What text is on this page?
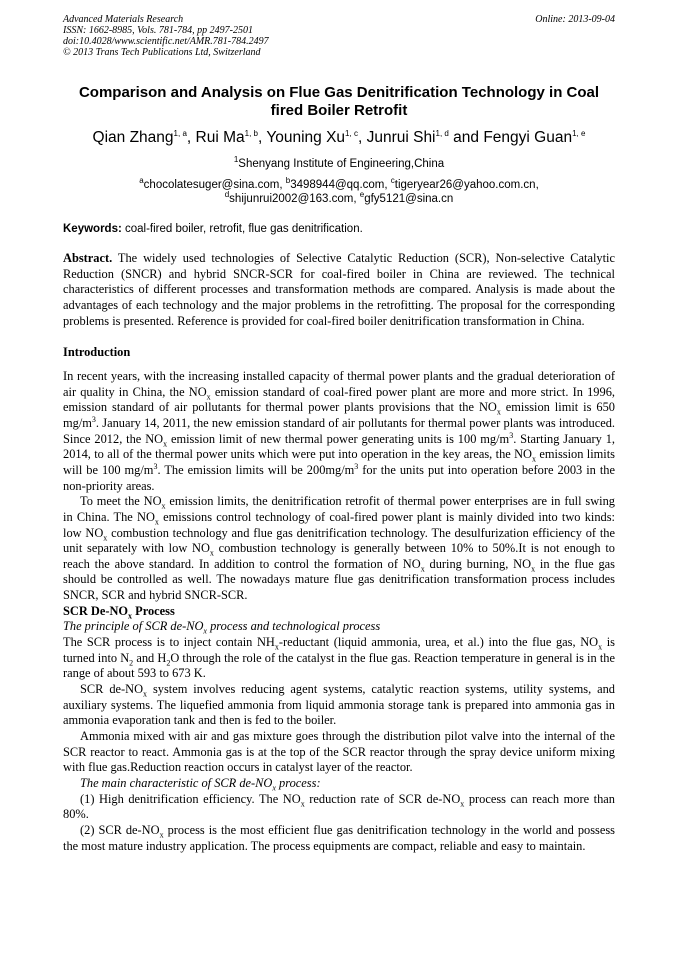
Advanced Materials Research
ISSN: 1662-8985, Vols. 781-784, pp 2497-2501
doi:10.4028/www.scientific.net/AMR.781-784.2497
© 2013 Trans Tech Publications Ltd, Switzerland
Online: 2013-09-04
Comparison and Analysis on Flue Gas Denitrification Technology in Coal fired Boiler Retrofit
Qian Zhang$^{1, a}$, Rui Ma$^{1, b}$, Youning Xu$^{1, c}$, Junrui Shi$^{1, d}$ and Fengyi Guan$^{1, e}$
$^1$Shenyang Institute of Engineering,China
$^a$chocolatesuger@sina.com, $^b$3498944@qq.com, $^c$tigeryear26@yahoo.com.cn,
$^d$shijunrui2002@163.com, $^e$gfy5121@sina.cn
Keywords: coal-fired boiler, retrofit, flue gas denitrification.

Abstract. The widely used technologies of Selective Catalytic Reduction (SCR), Non-selective Catalytic Reduction (SNCR) and hybrid SNCR-SCR for coal-fired boiler in China are reviewed. The technical characteristics of different processes and transformation methods are compared. Analysis is made about the advantages of each technology and the major problems in the retrofitting. The proposal for the corresponding problems is presented. Reference is provided for coal-fired boiler denitrification transformation in China.

Introduction

In recent years, with the increasing installed capacity of thermal power plants and the gradual deterioration of air quality in China, the $NO_x$ emission standard of coal-fired power plant are more and more strict. In 1996, emission standard of air pollutants for thermal power plants provisions that the $NO_x$ emission limit is 650 $mg/m^3$. January 14, 2011, the new emission standard of air pollutants for thermal power plants was introduced. Since 2012, the $NO_x$ emission limit of new thermal power generating units is 100 $mg/m^3$. Starting January 1, 2014, to all of the thermal power units which were put into operation in the key areas, the $NO_x$ emission limits will be 100 $mg/m^3$. The emission limits will be $200mg/m^3$ for the units put into operation before 2003 in the non-priority areas.

To meet the $NO_x$ emission limits, the denitrification retrofit of thermal power enterprises are in full swing in China. The $NO_x$ emissions control technology of coal-fired power plant is mainly divided into two kinds: low $NO_x$ combustion technology and flue gas denitrification technology. The desulfurization efficiency of the unit separately with low $NO_x$ combustion technology is generally between 10% to 50%.It is not enough to reach the above standard. In addition to control the formation of $NO_x$ during burning, $NO_x$ in the flue gas should be controlled as well. The nowadays mature flue gas denitrification transformation process includes SNCR, SCR and hybrid SNCR-SCR.

SCR $De-NO_x$ Process

The principle of SCR $de-NO_x$ process and technological process

The SCR process is to inject contain $NH_x$-reductant (liquid ammonia, urea, et al.) into the flue gas, $NO_x$ is turned into $N_2$ and $H_2O$ through the role of the catalyst in the flue gas. Reaction temperature in general is in the range of about 593 to 673 K.

SCR $de-NO_x$ system involves reducing agent systems, catalytic reaction systems, utility systems, and auxiliary systems. The liquefied ammonia from liquid ammonia storage tank is prepared into ammonia gas in ammonia evaporation tank and then is fed to the boiler.

Ammonia mixed with air and gas mixture goes through the distribution pilot valve into the internal of the SCR reactor to react. Ammonia gas is at the top of the SCR reactor through the spray device uniform mixing with flue gas.Reduction reaction occurs in catalyst layer of the reactor.

The main characteristic of SCR $de-NO_x$ process:

(1) High denitrification efficiency. The $NO_x$ reduction rate of SCR $de-NO_x$ process can reach more than 80%.

(2) SCR $de-NO_x$ process is the most efficient flue gas denitrification technology in the world and possess the most mature industry application. The process equipments are compact, reliable and easy to maintain.
